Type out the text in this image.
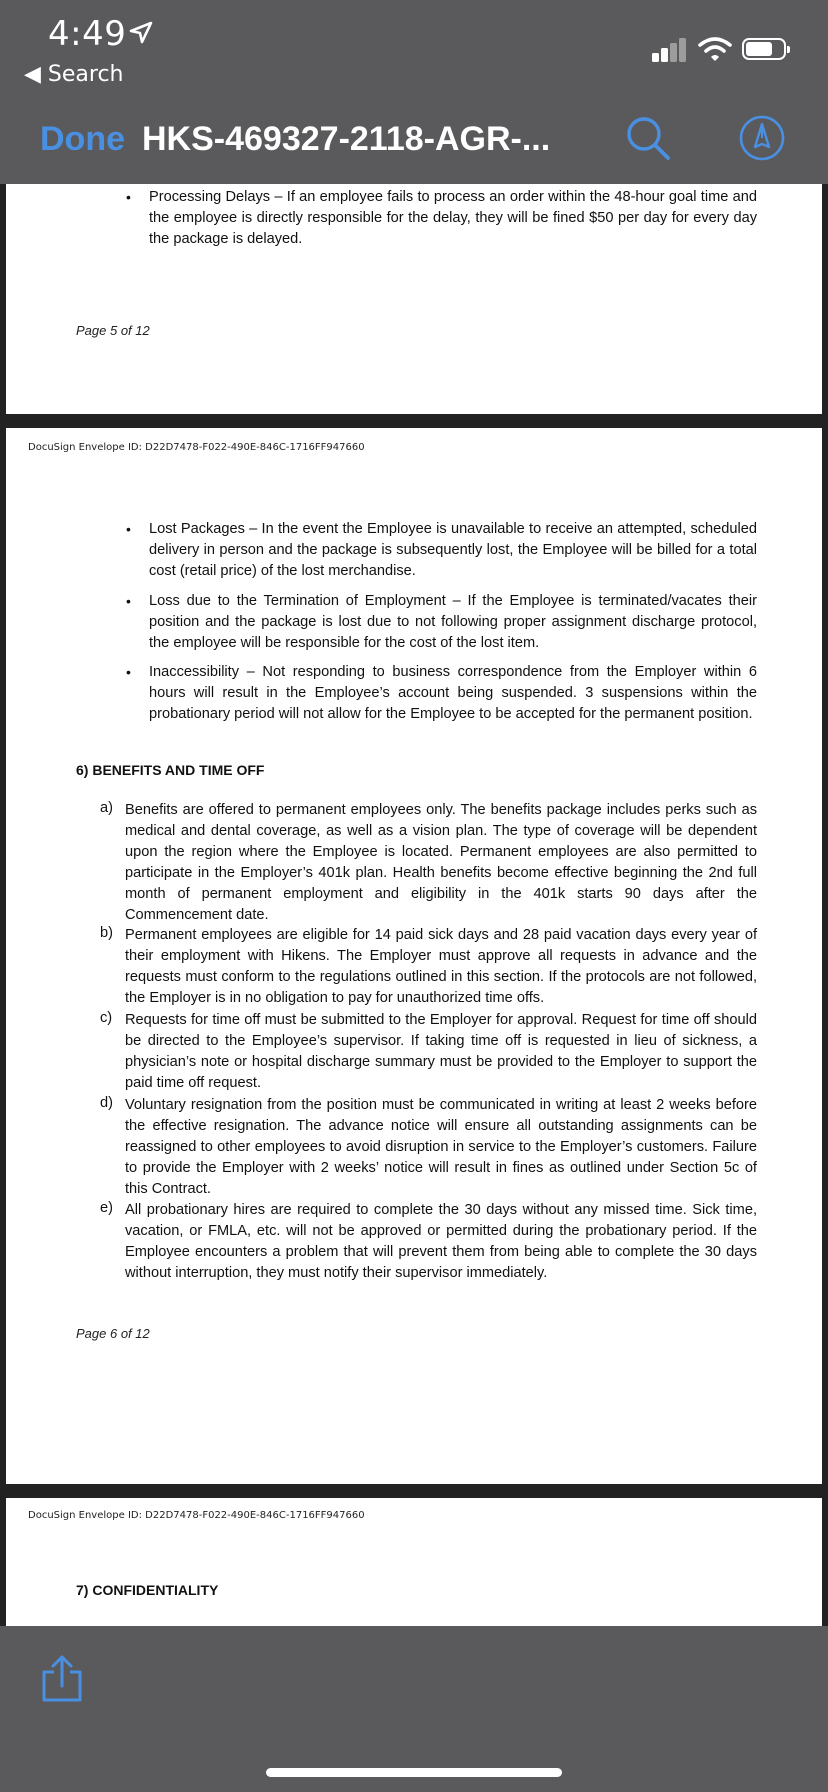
4:49
◀ Search
Done HKS-469327-2118-AGR-...
• Processing Delays – If an employee fails to process an order within the 48-hour goal time and the employee is directly responsible for the delay, they will be fined $50 per day for every day the package is delayed.
Page 5 of 12
DocuSign Envelope ID: D22D7478-F022-490E-846C-1716FF947660
• Lost Packages – In the event the Employee is unavailable to receive an attempted, scheduled delivery in person and the package is subsequently lost, the Employee will be billed for a total cost (retail price) of the lost merchandise.
• Loss due to the Termination of Employment – If the Employee is terminated/vacates their position and the package is lost due to not following proper assignment discharge protocol, the employee will be responsible for the cost of the lost item.
• Inaccessibility – Not responding to business correspondence from the Employer within 6 hours will result in the Employee’s account being suspended. 3 suspensions within the probationary period will not allow for the Employee to be accepted for the permanent position.
6) BENEFITS AND TIME OFF
a) Benefits are offered to permanent employees only. The benefits package includes perks such as medical and dental coverage, as well as a vision plan. The type of coverage will be dependent upon the region where the Employee is located. Permanent employees are also permitted to participate in the Employer’s 401k plan. Health benefits become effective beginning the 2nd full month of permanent employment and eligibility in the 401k starts 90 days after the Commencement date.
b) Permanent employees are eligible for 14 paid sick days and 28 paid vacation days every year of their employment with Hikens. The Employer must approve all requests in advance and the requests must conform to the regulations outlined in this section. If the protocols are not followed, the Employer is in no obligation to pay for unauthorized time offs.
c) Requests for time off must be submitted to the Employer for approval. Request for time off should be directed to the Employee’s supervisor. If taking time off is requested in lieu of sickness, a physician’s note or hospital discharge summary must be provided to the Employer to support the paid time off request.
d) Voluntary resignation from the position must be communicated in writing at least 2 weeks before the effective resignation. The advance notice will ensure all outstanding assignments can be reassigned to other employees to avoid disruption in service to the Employer’s customers. Failure to provide the Employer with 2 weeks’ notice will result in fines as outlined under Section 5c of this Contract.
e) All probationary hires are required to complete the 30 days without any missed time. Sick time, vacation, or FMLA, etc. will not be approved or permitted during the probationary period. If the Employee encounters a problem that will prevent them from being able to complete the 30 days without interruption, they must notify their supervisor immediately.
Page 6 of 12
DocuSign Envelope ID: D22D7478-F022-490E-846C-1716FF947660
7) CONFIDENTIALITY
